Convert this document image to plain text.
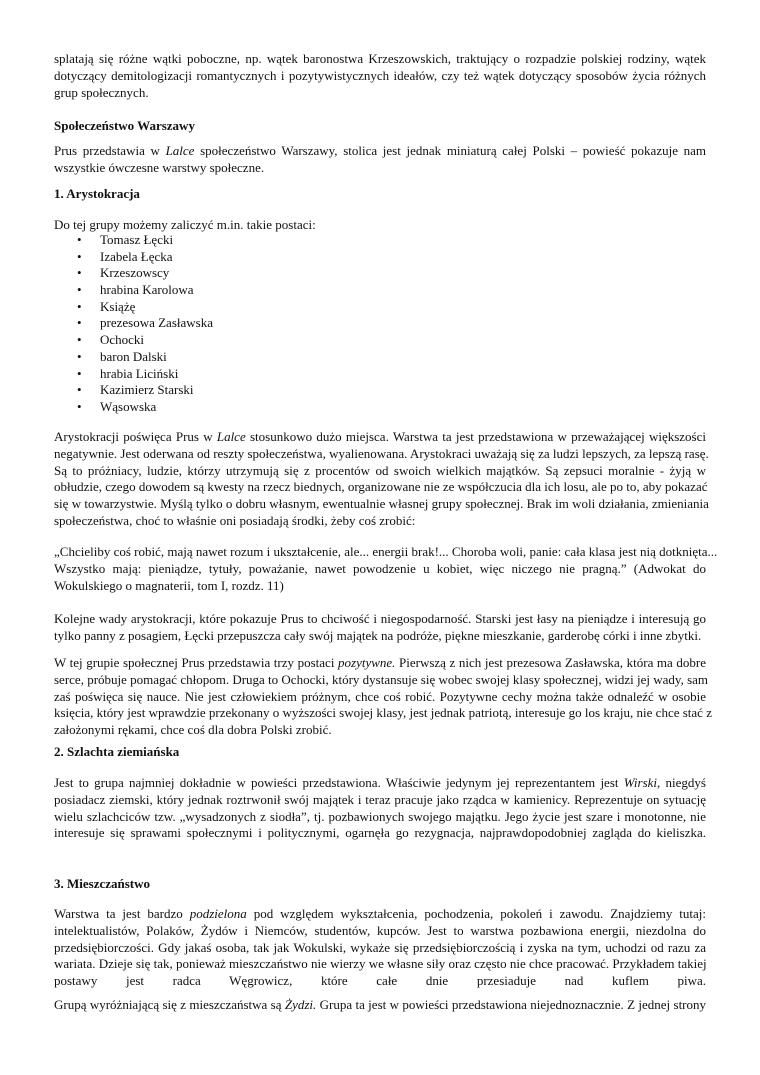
splatają się różne wątki poboczne, np. wątek baronostwa Krzeszowskich, traktujący o rozpadzie polskiej rodziny, wątek
dotyczący demitologizacji romantycznych i pozytywistycznych ideałów, czy też wątek dotyczący sposobów życia różnych
grup społecznych.
Społeczeństwo Warszawy
Prus przedstawia w Lalce społeczeństwo Warszawy, stolica jest jednak miniaturą całej Polski – powieść pokazuje nam
wszystkie ówczesne warstwy społeczne.
1. Arystokracja
Do tej grupy możemy zaliczyć m.in. takie postaci:
• Tomasz Łęcki
• Izabela Łęcka
• Krzeszowscy
• hrabina Karolowa
• Książę
• prezesowa Zasławska
• Ochocki
• baron Dalski
• hrabia Liciński
• Kazimierz Starski
• Wąsowska
Arystokracji poświęca Prus w Lalce stosunkowo dużo miejsca. Warstwa ta jest przedstawiona w przeważającej większości
negatywnie. Jest oderwana od reszty społeczeństwa, wyalienowana. Arystokraci uważają się za ludzi lepszych, za lepszą rasę.
Są to próżniacy, ludzie, którzy utrzymują się z procentów od swoich wielkich majątków. Są zepsuci moralnie - żyją w
obłudzie, czego dowodem są kwesty na rzecz biednych, organizowane nie ze współczucia dla ich losu, ale po to, aby pokazać
się w towarzystwie. Myślą tylko o dobru własnym, ewentualnie własnej grupy społecznej. Brak im woli działania, zmieniania
społeczeństwa, choć to właśnie oni posiadają środki, żeby coś zrobić:
„Chcieliby coś robić, mają nawet rozum i ukształcenie, ale... energii brak!... Choroba woli, panie: cała klasa jest nią dotknięta...
Wszystko mają: pieniądze, tytuły, poważanie, nawet powodzenie u kobiet, więc niczego nie pragną.” (Adwokat do
Wokulskiego o magnaterii, tom I, rozdz. 11)
Kolejne wady arystokracji, które pokazuje Prus to chciwość i niegospodarność. Starski jest łasy na pieniądze i interesują go
tylko panny z posagiem, Łęcki przepuszcza cały swój majątek na podróże, piękne mieszkanie, garderobę córki i inne zbytki.
W tej grupie społecznej Prus przedstawia trzy postaci pozytywne. Pierwszą z nich jest prezesowa Zasławska, która ma dobre
serce, próbuje pomagać chłopom. Druga to Ochocki, który dystansuje się wobec swojej klasy społecznej, widzi jej wady, sam
zaś poświęca się nauce. Nie jest człowiekiem próżnym, chce coś robić. Pozytywne cechy można także odnaleźć w osobie
księcia, który jest wprawdzie przekonany o wyższości swojej klasy, jest jednak patriotą, interesuje go los kraju, nie chce stać z
założonymi rękami, chce coś dla dobra Polski zrobić.
2. Szlachta ziemiańska
Jest to grupa najmniej dokładnie w powieści przedstawiona. Właściwie jedynym jej reprezentantem jest Wirski, niegdyś
posiadacz ziemski, który jednak roztrwonił swój majątek i teraz pracuje jako rządca w kamienicy. Reprezentuje on sytuację
wielu szlachciców tzw. „wysadzonych z siodła”, tj. pozbawionych swojego majątku. Jego życie jest szare i monotonne, nie
interesuje się sprawami społecznymi i politycznymi, ogarnęła go rezygnacja, najprawdopodobniej zagląda do kieliszka.
3. Mieszczaństwo
Warstwa ta jest bardzo podzielona pod względem wykształcenia, pochodzenia, pokoleń i zawodu. Znajdziemy tutaj:
intelektualistów, Polaków, Żydów i Niemców, studentów, kupców. Jest to warstwa pozbawiona energii, niezdolna do
przedsiębiorczości. Gdy jakaś osoba, tak jak Wokulski, wykaże się przedsiębiorczością i zyska na tym, uchodzi od razu za
wariata. Dzieje się tak, ponieważ mieszczaństwo nie wierzy we własne siły oraz często nie chce pracować. Przykładem takiej
postawy jest radca Węgrowicz, które całe dnie przesiaduje nad kuflem piwa.
Grupą wyróżniającą się z mieszczaństwa są Żydzi. Grupa ta jest w powieści przedstawiona niejednoznacznie. Z jednej strony
